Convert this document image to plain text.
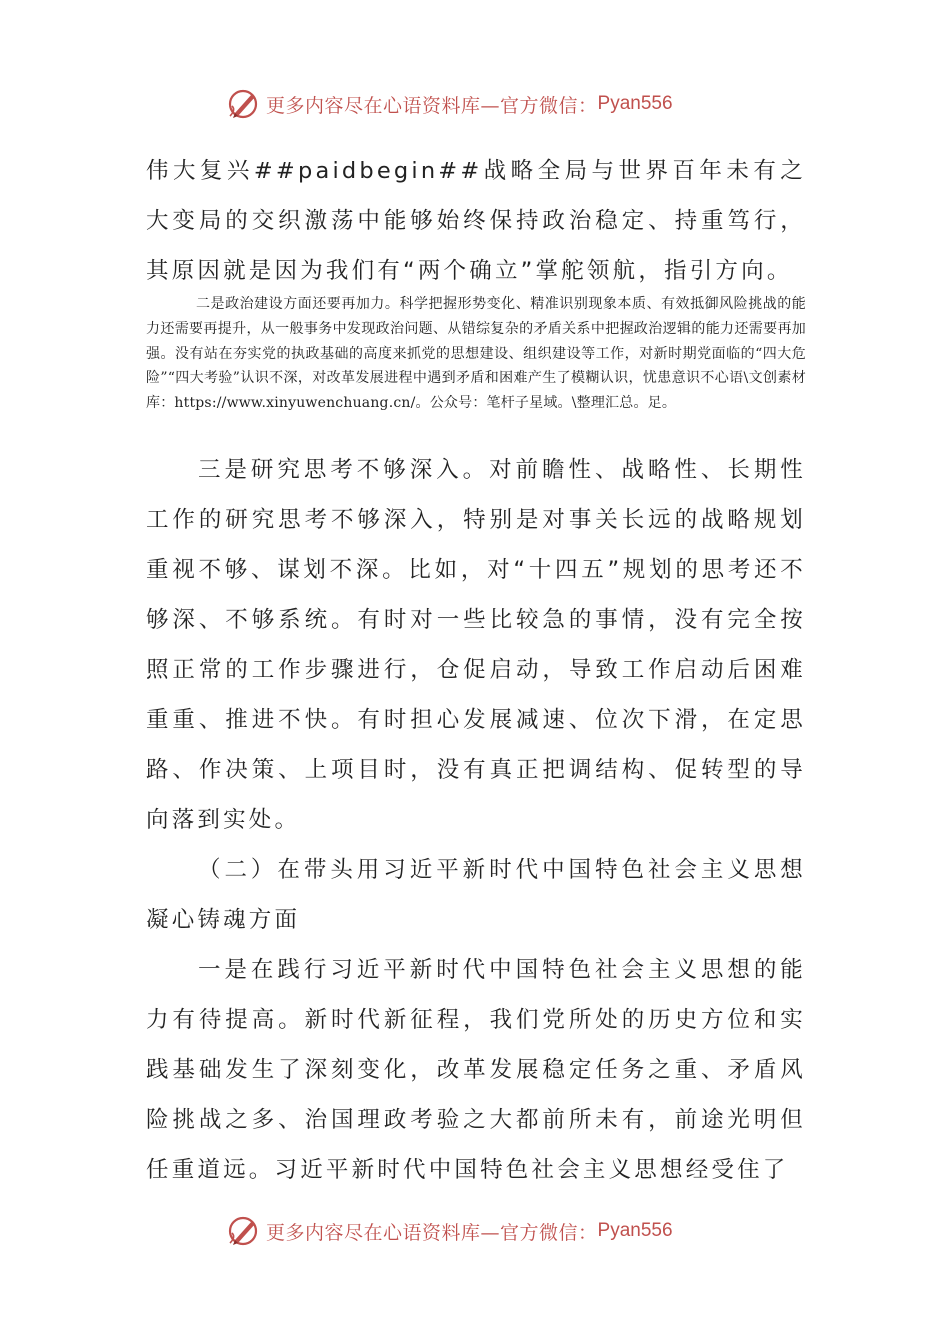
更多内容尽在心语资料库—官方微信： Pyan556

伟大复兴##paidbegin##战略全局与世界百年未有之大变局的交织激荡中能够始终保持政治稳定、持重笃行，其原因就是因为我们有“两个确立”掌舵领航，指引方向。

二是政治建设方面还要再加力。科学把握形势变化、精准识别现象本质、有效抵御风险挑战的能力还需要再提升，从一般事务中发现政治问题、从错综复杂的矛盾关系中把握政治逻辑的能力还需要再加强。没有站在夯实党的执政基础的高度来抓党的思想建设、组织建设等工作，对新时期党面临的“四大危险”“四大考验”认识不深，对改革发展进程中遇到矛盾和困难产生了模糊认识，忧患意识不心语\文创素材库：https://www.xinyuwenchuang.cn/。公众号：笔杆子星域。\整理汇总。足。

三是研究思考不够深入。对前瞻性、战略性、长期性工作的研究思考不够深入，特别是对事关长远的战略规划重视不够、谋划不深。比如，对“十四五”规划的思考还不够深、不够系统。有时对一些比较急的事情，没有完全按照正常的工作步骤进行，仓促启动，导致工作启动后困难重重、推进不快。有时担心发展减速、位次下滑，在定思路、作决策、上项目时，没有真正把调结构、促转型的导向落到实处。

（二）在带头用习近平新时代中国特色社会主义思想凝心铸魂方面

一是在践行习近平新时代中国特色社会主义思想的能力有待提高。新时代新征程，我们党所处的历史方位和实践基础发生了深刻变化，改革发展稳定任务之重、矛盾风险挑战之多、治国理政考验之大都前所未有，前途光明但任重道远。习近平新时代中国特色社会主义思想经受住了

更多内容尽在心语资料库—官方微信： Pyan556
